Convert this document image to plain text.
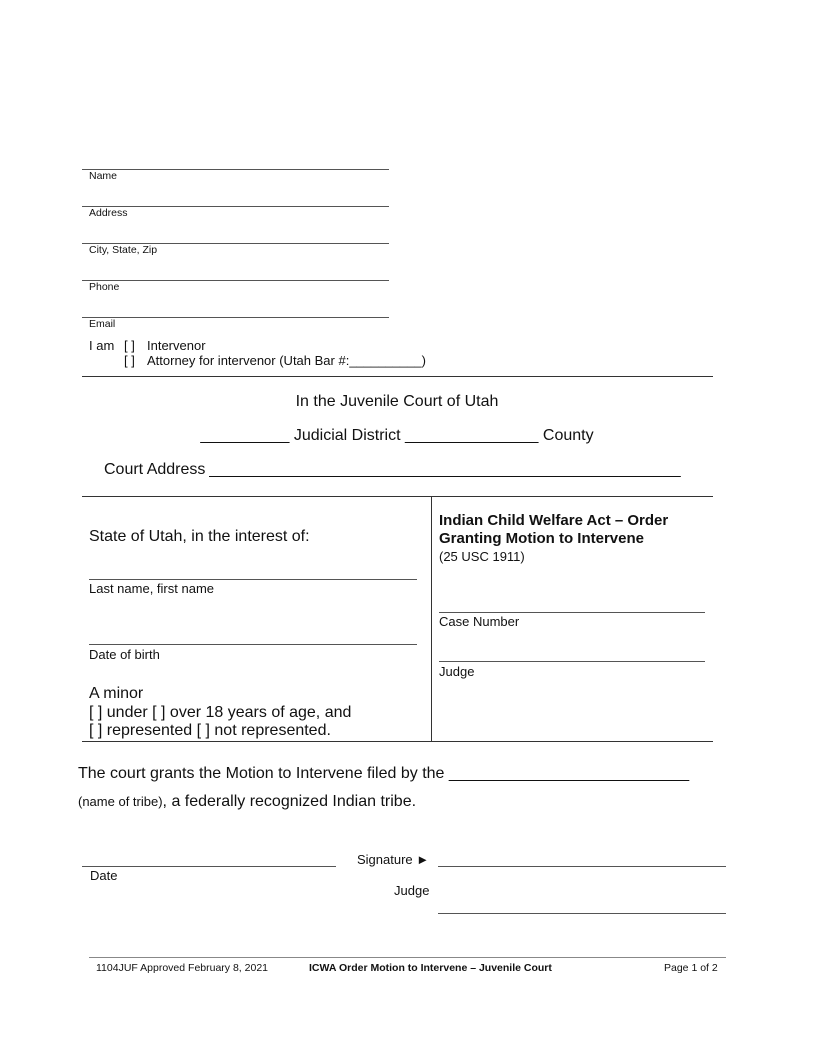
Name
Address
City, State, Zip
Phone
Email
I am [ ] Intervenor
[ ] Attorney for intervenor (Utah Bar #:__________)
In the Juvenile Court of Utah
__________ Judicial District _______________ County
Court Address _____________________________________________________
State of Utah, in the interest of:
Last name, first name
Date of birth
A minor
[ ] under [ ] over 18 years of age, and
[ ] represented [ ] not represented.
Indian Child Welfare Act – Order
Granting Motion to Intervene
(25 USC 1911)
Case Number
Judge
The court grants the Motion to Intervene filed by the ___________________________
(name of tribe), a federally recognized Indian tribe.
Date
Signature ►
Judge
1104JUF Approved February 8, 2021	ICWA Order Motion to Intervene – Juvenile Court	Page 1 of 2
